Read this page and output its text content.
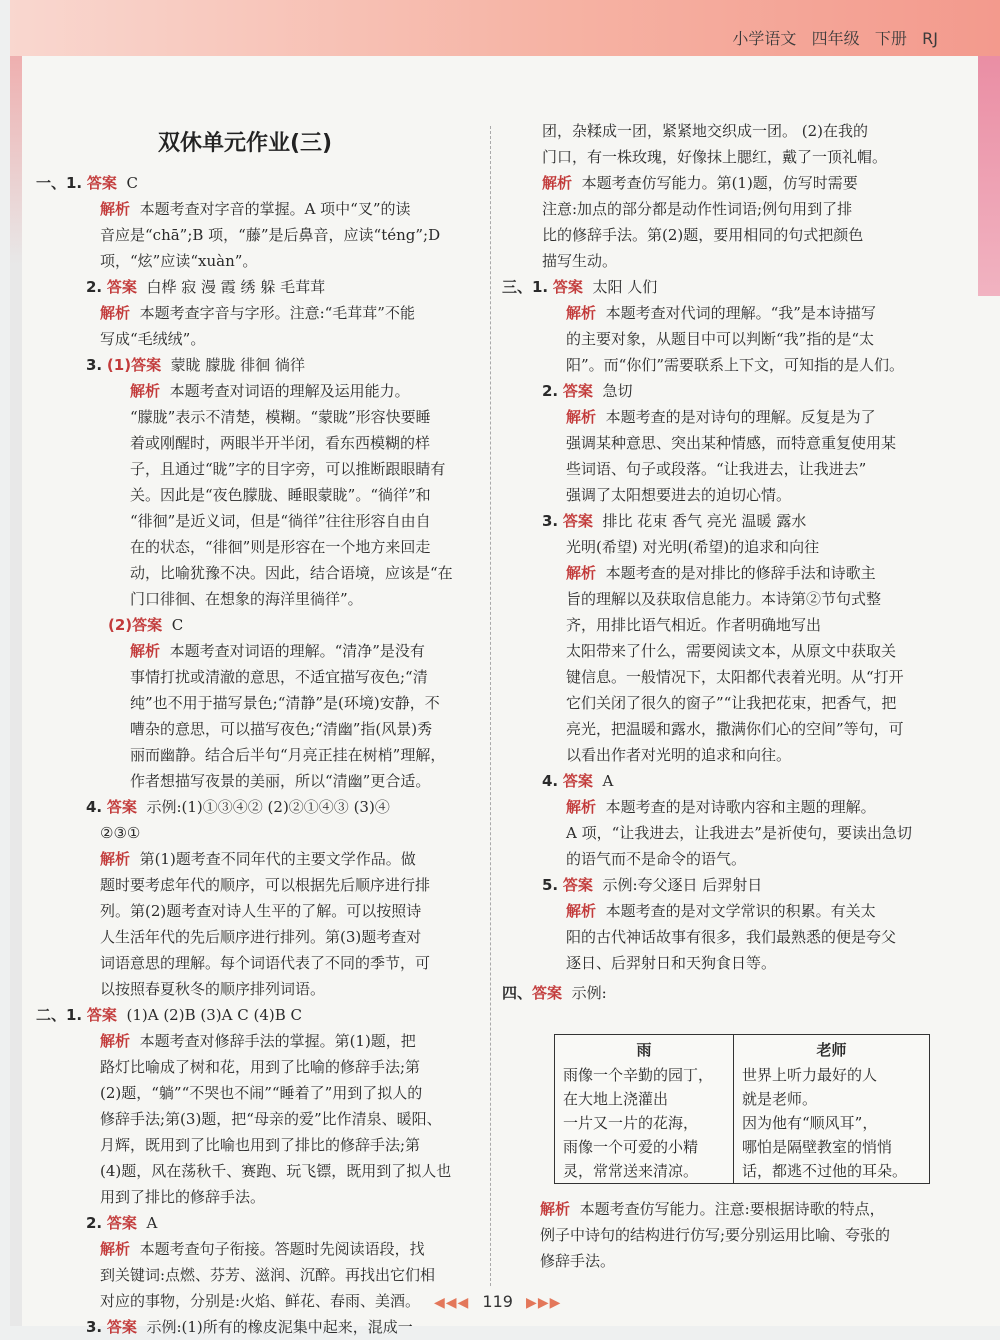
小学语文   四年级   下册   RJ
双休单元作业(三)

一、1. 答案 C

解析 本题考查对字音的掌握。A 项中“叉”的读

音应是“chā”;B 项，“藤”是后鼻音，应读“téng”;D

项，“炫”应读“xuàn”。

2. 答案 白桦 寂 漫 霞 绣 躲 毛茸茸

解析 本题考查字音与字形。注意:“毛茸茸”不能

写成“毛绒绒”。

3. (1)答案 蒙眬 朦胧 徘徊 徜徉

解析 本题考查对词语的理解及运用能力。

“朦胧”表示不清楚，模糊。“蒙眬”形容快要睡

着或刚醒时，两眼半开半闭，看东西模糊的样

子，且通过“眬”字的目字旁，可以推断跟眼睛有

关。因此是“夜色朦胧、睡眼蒙眬”。“徜徉”和

“徘徊”是近义词，但是“徜徉”往往形容自由自

在的状态，“徘徊”则是形容在一个地方来回走

动，比喻犹豫不决。因此，结合语境，应该是“在

门口徘徊、在想象的海洋里徜徉”。

(2)答案 C

解析 本题考查对词语的理解。“清净”是没有

事情打扰或清澈的意思，不适宜描写夜色;“清

纯”也不用于描写景色;“清静”是(环境)安静，不

嘈杂的意思，可以描写夜色;“清幽”指(风景)秀

丽而幽静。结合后半句“月亮正挂在树梢”理解，

作者想描写夜景的美丽，所以“清幽”更合适。

4. 答案 示例:(1)①③④② (2)②①④③ (3)④

②③①

解析 第(1)题考查不同年代的主要文学作品。做

题时要考虑年代的顺序，可以根据先后顺序进行排

列。第(2)题考查对诗人生平的了解。可以按照诗

人生活年代的先后顺序进行排列。第(3)题考查对

词语意思的理解。每个词语代表了不同的季节，可

以按照春夏秋冬的顺序排列词语。

二、1. 答案 (1)A (2)B (3)A C (4)B C

解析 本题考查对修辞手法的掌握。第(1)题，把

路灯比喻成了树和花，用到了比喻的修辞手法;第

(2)题，“躺”“不哭也不闹”“睡着了”用到了拟人的

修辞手法;第(3)题，把“母亲的爱”比作清泉、暖阳、

月辉，既用到了比喻也用到了排比的修辞手法;第

(4)题，风在荡秋千、赛跑、玩飞镖，既用到了拟人也

用到了排比的修辞手法。

2. 答案 A

解析 本题考查句子衔接。答题时先阅读语段，找

到关键词:点燃、芬芳、滋润、沉醉。再找出它们相

对应的事物，分别是:火焰、鲜花、春雨、美酒。

3. 答案 示例:(1)所有的橡皮泥集中起来，混成一

团，杂糅成一团，紧紧地交织成一团。 (2)在我的

门口，有一株玫瑰，好像抹上腮红，戴了一顶礼帽。

解析 本题考查仿写能力。第(1)题，仿写时需要

注意:加点的部分都是动作性词语;例句用到了排

比的修辞手法。第(2)题，要用相同的句式把颜色

描写生动。

三、1. 答案 太阳 人们

解析 本题考查对代词的理解。“我”是本诗描写

的主要对象，从题目中可以判断“我”指的是“太

阳”。而“你们”需要联系上下文，可知指的是人们。

2. 答案 急切

解析 本题考查的是对诗句的理解。反复是为了

强调某种意思、突出某种情感，而特意重复使用某

些词语、句子或段落。“让我进去，让我进去”

强调了太阳想要进去的迫切心情。

3. 答案 排比 花束 香气 亮光 温暖 露水

光明(希望) 对光明(希望)的追求和向往

解析 本题考查的是对排比的修辞手法和诗歌主

旨的理解以及获取信息能力。本诗第②节句式整

齐，用排比语气相近。作者明确地写出

太阳带来了什么，需要阅读文本，从原文中获取关

键信息。一般情况下，太阳都代表着光明。从“打开

它们关闭了很久的窗子”“让我把花束，把香气，把

亮光，把温暖和露水，撒满你们心的空间”等句，可

以看出作者对光明的追求和向往。

4. 答案 A

解析 本题考查的是对诗歌内容和主题的理解。

A 项，“让我进去，让我进去”是祈使句，要读出急切

的语气而不是命令的语气。

5. 答案 示例:夸父逐日 后羿射日

解析 本题考查的是对文学常识的积累。有关太

阳的古代神话故事有很多，我们最熟悉的便是夸父

逐日、后羿射日和天狗食日等。

四、答案 示例:

雨
雨像一个辛勤的园丁，
在大地上浇灌出
一片又一片的花海，
雨像一个可爱的小精
灵，常常送来清凉。
老师
世界上听力最好的人
就是老师。
因为他有“顺风耳”，
哪怕是隔壁教室的悄悄
话，都逃不过他的耳朵。

解析 本题考查仿写能力。注意:要根据诗歌的特点，

例子中诗句的结构进行仿写;要分别运用比喻、夸张的

修辞手法。

◀◀◀ 119 ▶▶▶
